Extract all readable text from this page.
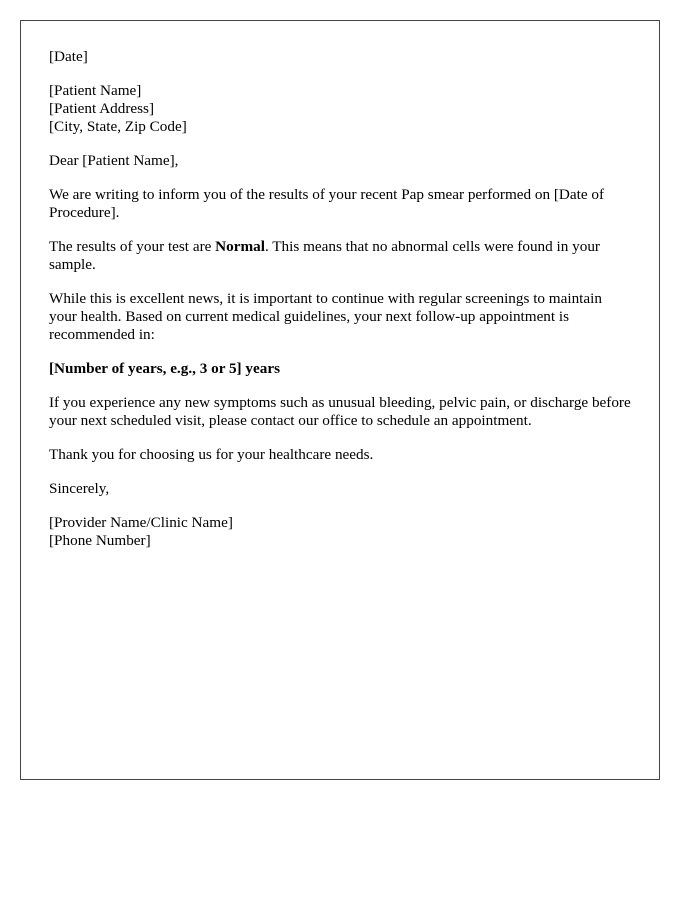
[Date]

[Patient Name]
[Patient Address]
[City, State, Zip Code]

Dear [Patient Name],

We are writing to inform you of the results of your recent Pap smear performed on [Date of Procedure].

The results of your test are Normal. This means that no abnormal cells were found in your sample.

While this is excellent news, it is important to continue with regular screenings to maintain your health. Based on current medical guidelines, your next follow-up appointment is recommended in:

[Number of years, e.g., 3 or 5] years

If you experience any new symptoms such as unusual bleeding, pelvic pain, or discharge before your next scheduled visit, please contact our office to schedule an appointment.

Thank you for choosing us for your healthcare needs.

Sincerely,

[Provider Name/Clinic Name]
[Phone Number]
